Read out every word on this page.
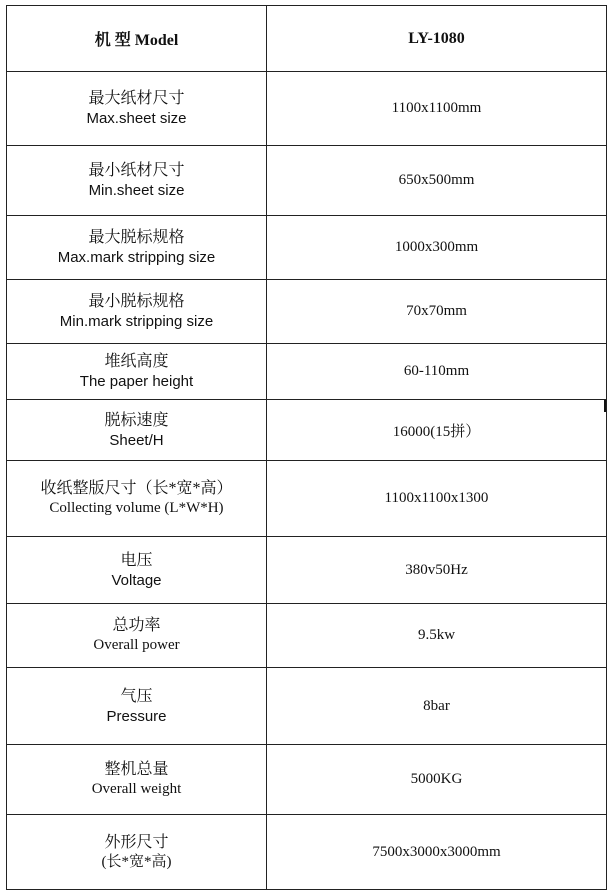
机 型 Model	LY-1080

最大纸材尺寸
Max.sheet size	1100x1100mm

最小纸材尺寸
Min.sheet size	650x500mm

最大脱标规格
Max.mark stripping size	1000x300mm

最小脱标规格
Min.mark stripping size	70x70mm

堆纸高度
The paper height	60-110mm

脱标速度
Sheet/H	16000(15拼）

收纸整版尺寸（长*宽*高）
Collecting volume (L*W*H)	1100x1100x1300

电压
Voltage	380v50Hz

总功率
Overall power	9.5kw

气压
Pressure	8bar

整机总量
Overall weight	5000KG

外形尺寸
(长*宽*高)	7500x3000x3000mm
